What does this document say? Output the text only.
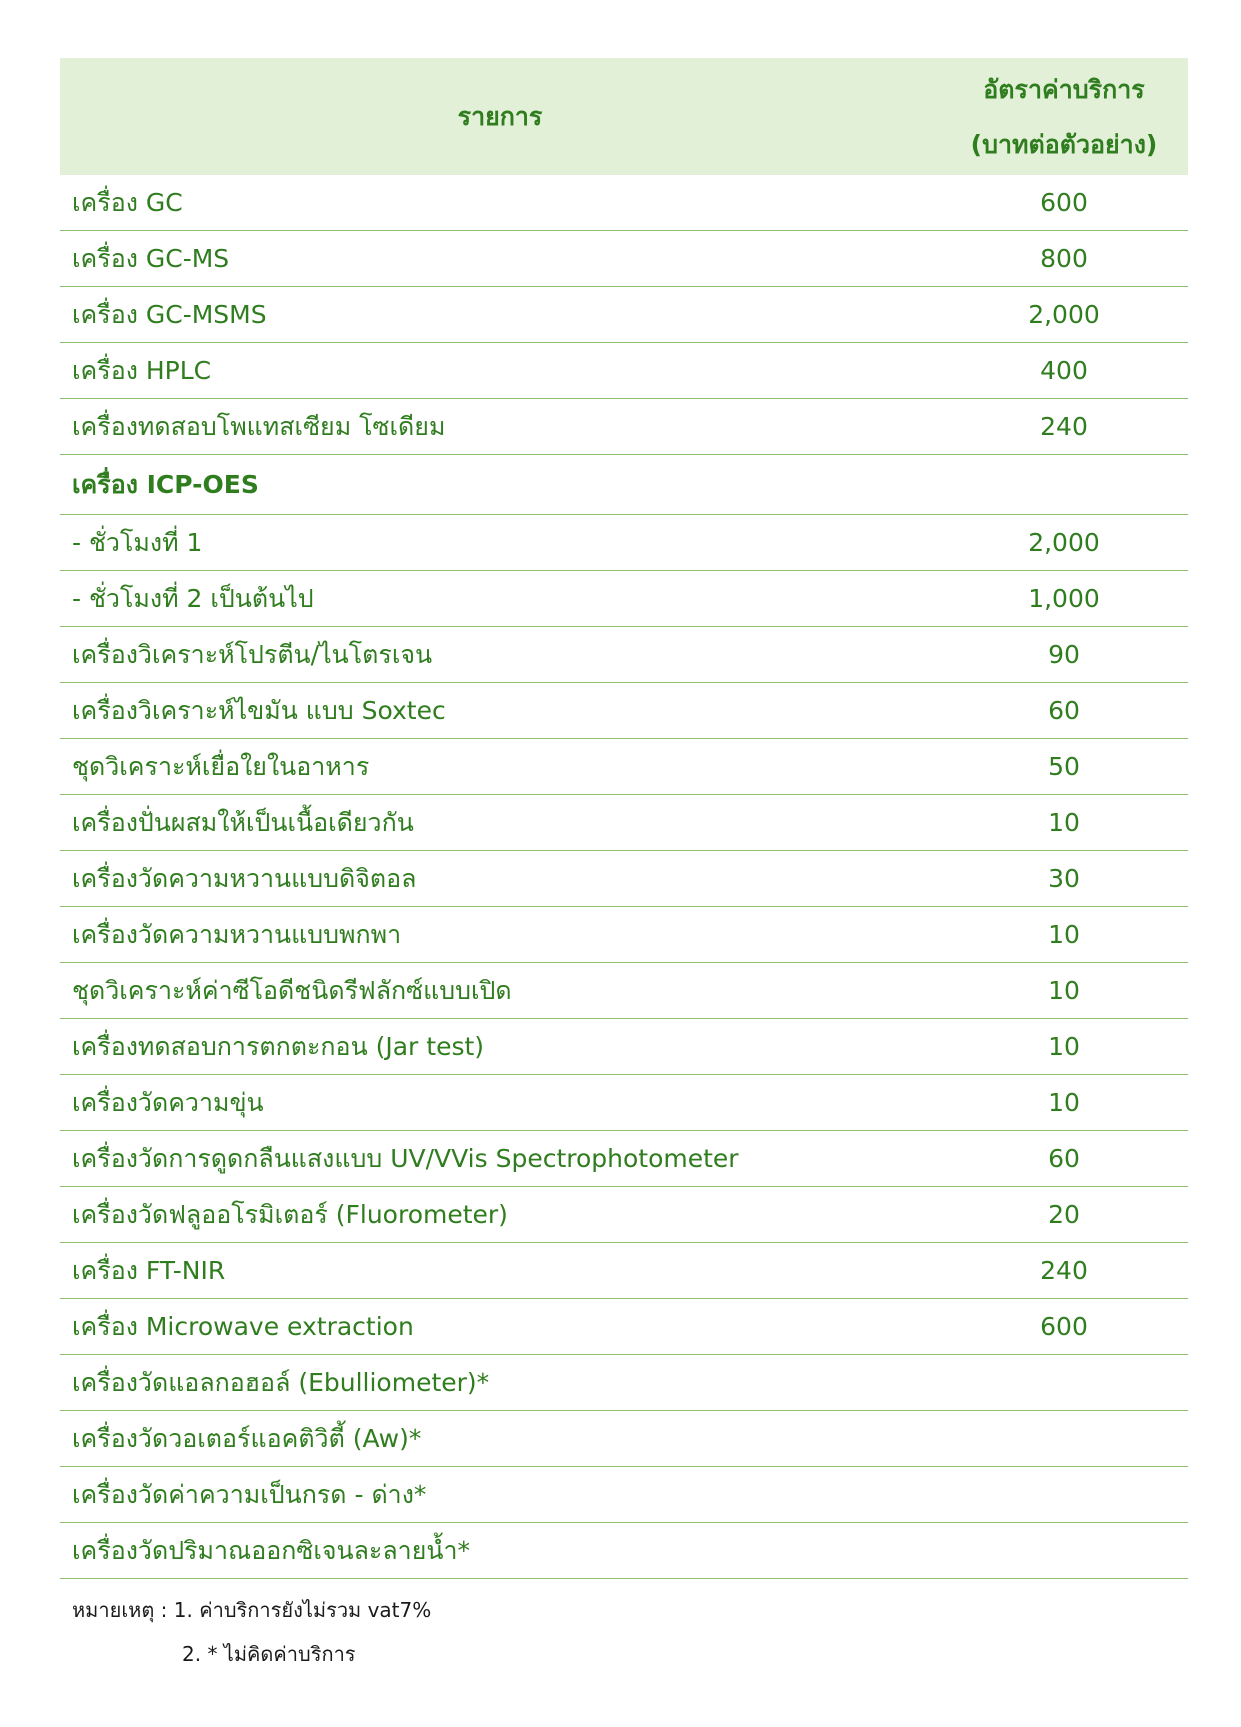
รายการ
อัตราค่าบริการ
(บาทต่อตัวอย่าง)
เครื่อง GC	600
เครื่อง GC-MS	800
เครื่อง GC-MSMS	2,000
เครื่อง HPLC	400
เครื่องทดสอบโพแทสเซียม โซเดียม	240
เครื่อง ICP-OES
- ชั่วโมงที่ 1	2,000
- ชั่วโมงที่ 2 เป็นต้นไป	1,000
เครื่องวิเคราะห์โปรตีน/ไนโตรเจน	90
เครื่องวิเคราะห์ไขมัน แบบ Soxtec	60
ชุดวิเคราะห์เยื่อใยในอาหาร	50
เครื่องปั่นผสมให้เป็นเนื้อเดียวกัน	10
เครื่องวัดความหวานแบบดิจิตอล	30
เครื่องวัดความหวานแบบพกพา	10
ชุดวิเคราะห์ค่าซีโอดีชนิดรีฟลักซ์แบบเปิด	10
เครื่องทดสอบการตกตะกอน (Jar test)	10
เครื่องวัดความขุ่น	10
เครื่องวัดการดูดกลืนแสงแบบ UV/VVis Spectrophotometer	60
เครื่องวัดฟลูออโรมิเตอร์ (Fluorometer)	20
เครื่อง FT-NIR	240
เครื่อง Microwave extraction	600
เครื่องวัดแอลกอฮอล์ (Ebulliometer)*
เครื่องวัดวอเตอร์แอคติวิตี้ (Aw)*
เครื่องวัดค่าความเป็นกรด - ด่าง*
เครื่องวัดปริมาณออกซิเจนละลายน้ำ*
หมายเหตุ : 1. ค่าบริการยังไม่รวม vat7%
2. * ไม่คิดค่าบริการ
